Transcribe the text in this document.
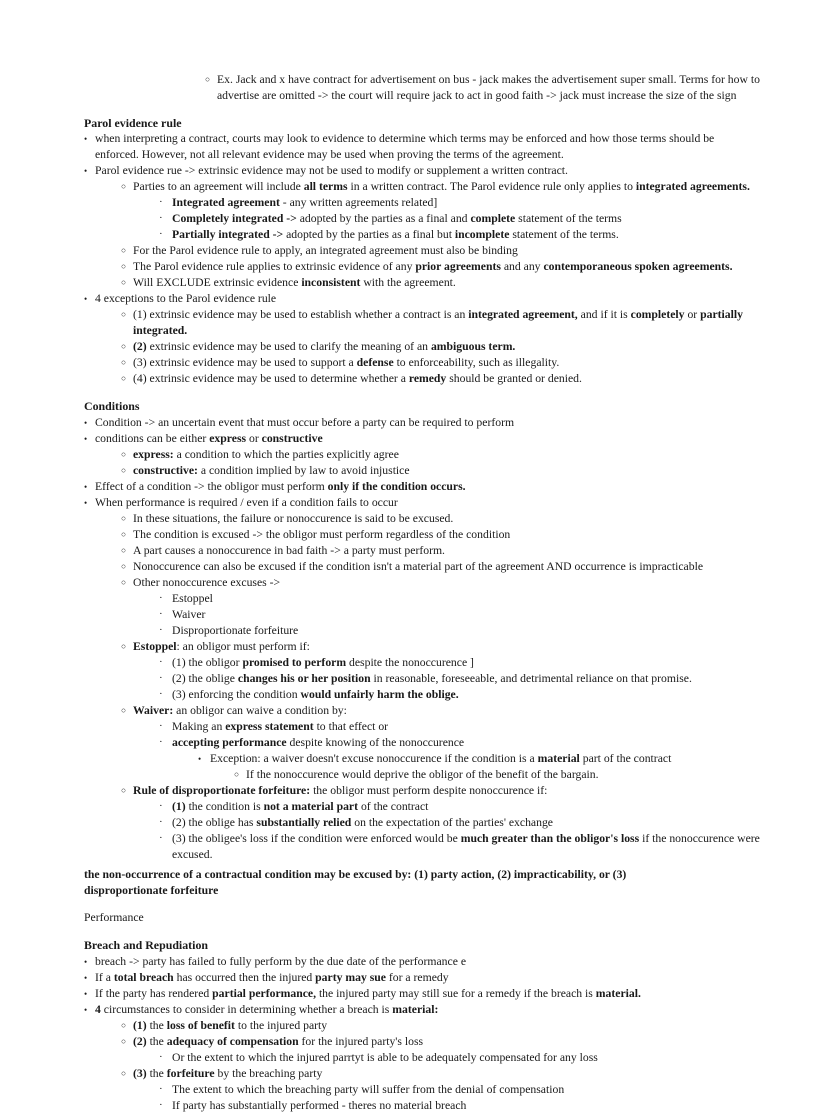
○ Ex. Jack and x have contract for advertisement on bus - jack makes the advertisement super small. Terms for how to advertise are omitted -> the court will require jack to act in good faith -> jack must increase the size of the sign
Parol evidence rule
• when interpreting a contract, courts may look to evidence to determine which terms may be enforced and how those terms should be enforced. However, not all relevant evidence may be used when proving the terms of the agreement.
• Parol evidence rue -> extrinsic evidence may not be used to modify or supplement a written contract.
○ Parties to an agreement will include all terms in a written contract. The Parol evidence rule only applies to integrated agreements.
· Integrated agreement - any written agreements related]
· Completely integrated -> adopted by the parties as a final and complete statement of the terms
· Partially integrated -> adopted by the parties as a final but incomplete statement of the terms.
○ For the Parol evidence rule to apply, an integrated agreement must also be binding
○ The Parol evidence rule applies to extrinsic evidence of any prior agreements and any contemporaneous spoken agreements.
○ Will EXCLUDE extrinsic evidence inconsistent with the agreement.
• 4 exceptions to the Parol evidence rule
○ (1) extrinsic evidence may be used to establish whether a contract is an integrated agreement, and if it is completely or partially integrated.
○ (2) extrinsic evidence may be used to clarify the meaning of an ambiguous term.
○ (3) extrinsic evidence may be used to support a defense to enforceability, such as illegality.
○ (4) extrinsic evidence may be used to determine whether a remedy should be granted or denied.
Conditions
• Condition -> an uncertain event that must occur before a party can be required to perform
• conditions can be either express or constructive
○ express: a condition to which the parties explicitly agree
○ constructive: a condition implied by law to avoid injustice
• Effect of a condition -> the obligor must perform only if the condition occurs.
• When performance is required / even if a condition fails to occur
○ In these situations, the failure or nonoccurence is said to be excused.
○ The condition is excused -> the obligor must perform regardless of the condition
○ A part causes a nonoccurence in bad faith -> a party must perform.
○ Nonoccurence can also be excused if the condition isn't a material part of the agreement AND occurrence is impracticable
○ Other nonoccurence excuses ->
· Estoppel
· Waiver
· Disproportionate forfeiture
○ Estoppel: an obligor must perform if:
· (1) the obligor promised to perform despite the nonoccurence ]
· (2) the oblige changes his or her position in reasonable, foreseeable, and detrimental reliance on that promise.
· (3) enforcing the condition would unfairly harm the oblige.
○ Waiver: an obligor can waive a condition by:
· Making an express statement to that effect or
· accepting performance despite knowing of the nonoccurence
• Exception: a waiver doesn't excuse nonoccurence if the condition is a material part of the contract
○ If the nonoccurence would deprive the obligor of the benefit of the bargain.
○ Rule of disproportionate forfeiture: the obligor must perform despite nonoccurence if:
· (1) the condition is not a material part of the contract
· (2) the oblige has substantially relied on the expectation of the parties' exchange
· (3) the obligee's loss if the condition were enforced would be much greater than the obligor's loss if the nonoccurence were excused.

the non-occurrence of a contractual condition may be excused by: (1) party action, (2) impracticability, or (3) disproportionate forfeiture

Performance

Breach and Repudiation
• breach -> party has failed to fully perform by the due date of the performance e
• If a total breach has occurred then the injured party may sue for a remedy
• If the party has rendered partial performance, the injured party may still sue for a remedy if the breach is material.
• 4 circumstances to consider in determining whether a breach is material:
○ (1) the loss of benefit to the injured party
○ (2) the adequacy of compensation for the injured party's loss
· Or the extent to which the injured parrtyt is able to be adequately compensated for any loss
○ (3) the forfeiture by the breaching party
· The extent to which the breaching party will suffer from the denial of compensation
· If party has substantially performed - theres no material breach
